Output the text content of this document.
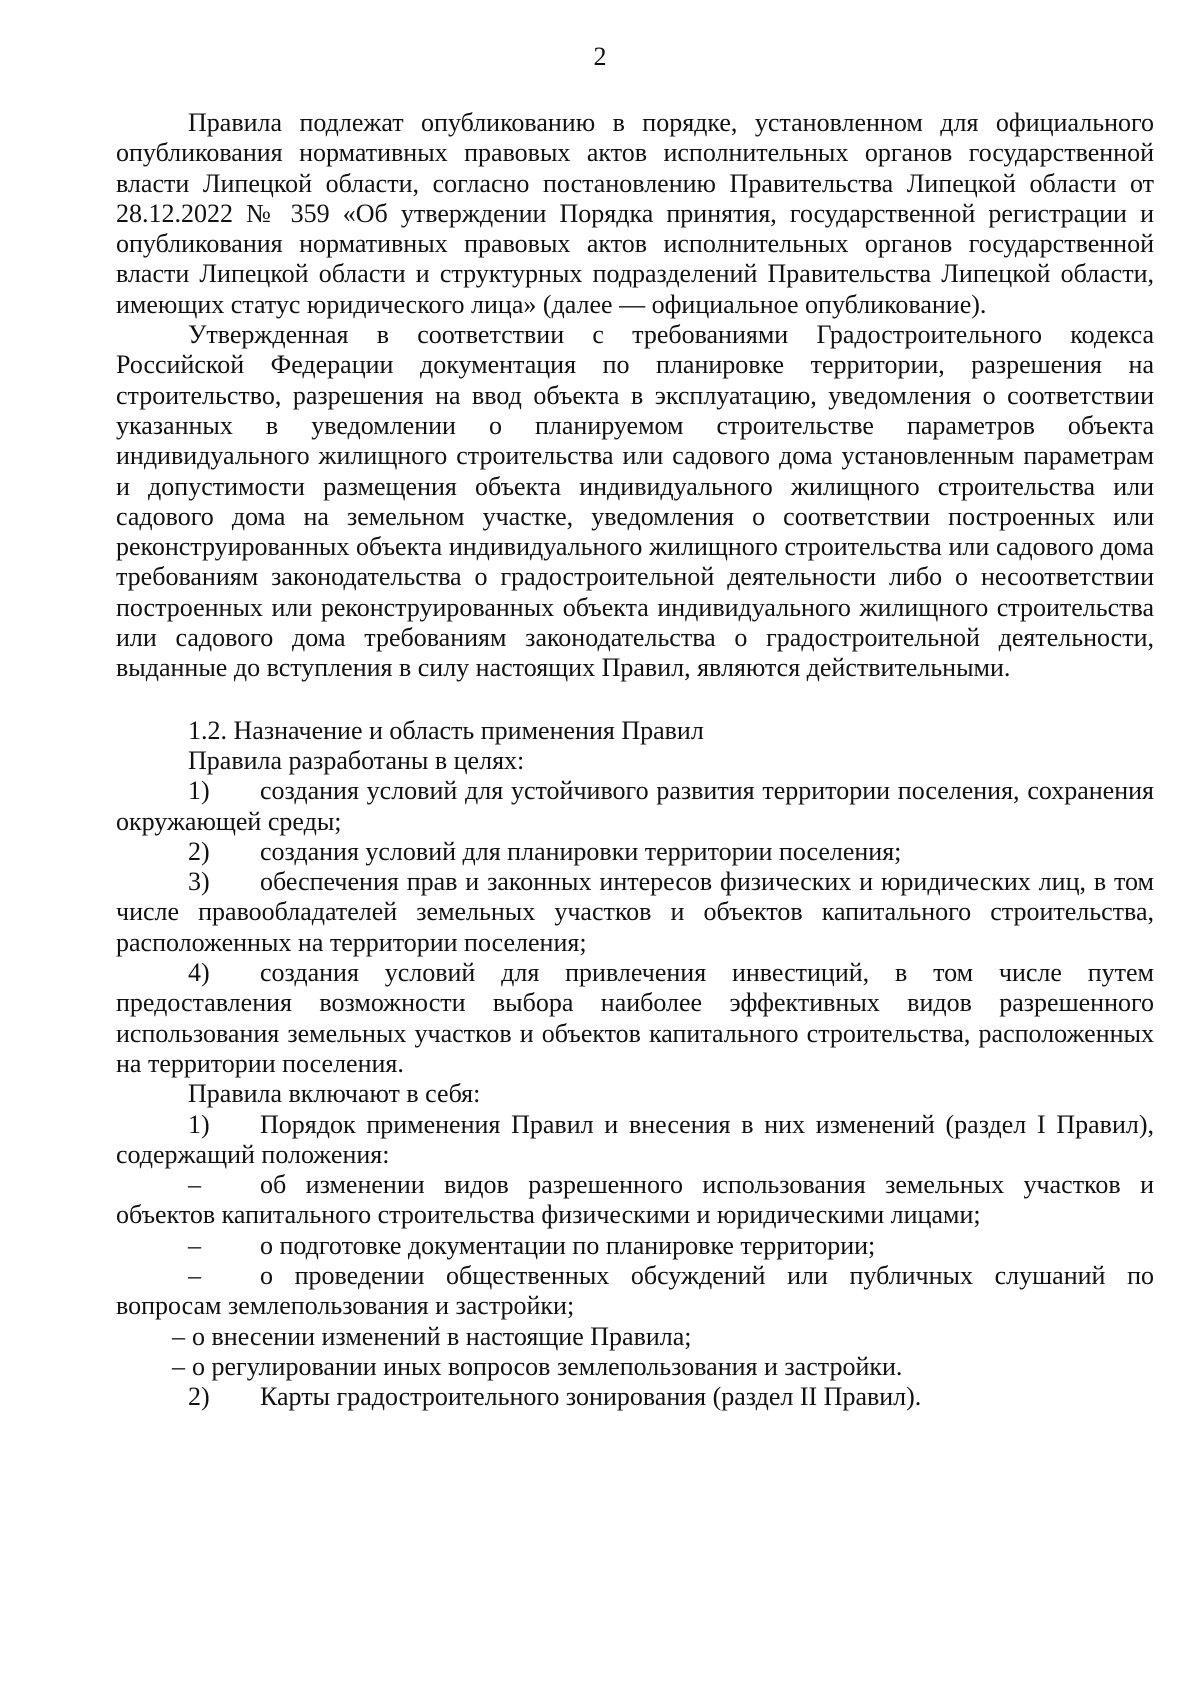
2

Правила подлежат опубликованию в порядке, установленном для официального опубликования нормативных правовых актов исполнительных органов государственной власти Липецкой области, согласно постановлению Правительства Липецкой области от 28.12.2022 № 359 «Об утверждении Порядка принятия, государственной регистрации и опубликования нормативных правовых актов исполнительных органов государственной власти Липецкой области и структурных подразделений Правительства Липецкой области, имеющих статус юридического лица» (далее — официальное опубликование).

Утвержденная в соответствии с требованиями Градостроительного кодекса Российской Федерации документация по планировке территории, разрешения на строительство, разрешения на ввод объекта в эксплуатацию, уведомления о соответствии указанных в уведомлении о планируемом строительстве параметров объекта индивидуального жилищного строительства или садового дома установленным параметрам и допустимости размещения объекта индивидуального жилищного строительства или садового дома на земельном участке, уведомления о соответствии построенных или реконструированных объекта индивидуального жилищного строительства или садового дома требованиям законодательства о градостроительной деятельности либо о несоответствии построенных или реконструированных объекта индивидуального жилищного строительства или садового дома требованиям законодательства о градостроительной деятельности, выданные до вступления в силу настоящих Правил, являются действительными.

1.2. Назначение и область применения Правил

Правила разработаны в целях:

1) создания условий для устойчивого развития территории поселения, сохранения окружающей среды;

2) создания условий для планировки территории поселения;

3) обеспечения прав и законных интересов физических и юридических лиц, в том числе правообладателей земельных участков и объектов капитального строительства, расположенных на территории поселения;

4) создания условий для привлечения инвестиций, в том числе путем предоставления возможности выбора наиболее эффективных видов разрешенного использования земельных участков и объектов капитального строительства, расположенных на территории поселения.

Правила включают в себя:

1) Порядок применения Правил и внесения в них изменений (раздел I Правил), содержащий положения:

– об изменении видов разрешенного использования земельных участков и объектов капитального строительства физическими и юридическими лицами;

– о подготовке документации по планировке территории;

– о проведении общественных обсуждений или публичных слушаний по вопросам землепользования и застройки;

– о внесении изменений в настоящие Правила;

– о регулировании иных вопросов землепользования и застройки.

2) Карты градостроительного зонирования (раздел II Правил).
